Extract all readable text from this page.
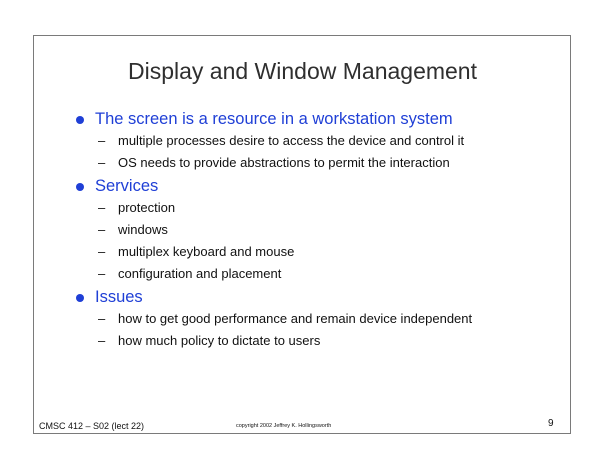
Display and Window Management
The screen is a resource in a workstation system
– multiple processes desire to access the device and control it
– OS needs to provide abstractions to permit the interaction
Services
– protection
– windows
– multiplex keyboard and mouse
– configuration and placement
Issues
– how to get good performance and remain device independent
– how much policy to dictate to users
CMSC 412 – S02 (lect 22)	copyright 2002 Jeffrey K. Hollingsworth	9
